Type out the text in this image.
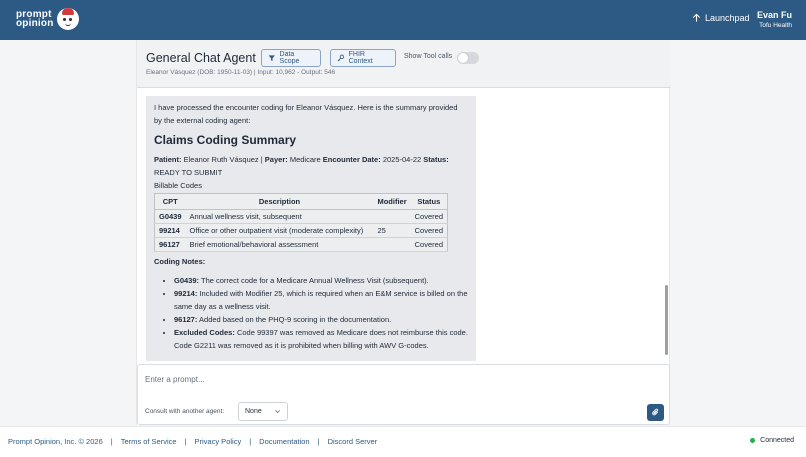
prompt
opinion	Launchpad Evan Fu
Tofu Health
General Chat Agent	Data Scope
FHIR Context
Show Tool calls
Eleanor Vásquez (DOB: 1950-11-03) | Input: 10,962 - Output: 546
I have processed the encounter coding for Eleanor Vásquez. Here is the summary provided by the external coding agent:
Claims Coding Summary
Patient: Eleanor Ruth Vásquez | Payer: Medicare Encounter Date: 2025-04-22 Status: READY TO SUBMIT
Billable Codes
CPT	Description	Modifier	Status
G0439	Annual wellness visit, subsequent		Covered
99214	Office or other outpatient visit (moderate complexity)	25	Covered
96127	Brief emotional/behavioral assessment		Covered
Coding Notes:
• G0439: The correct code for a Medicare Annual Wellness Visit (subsequent).
• 99214: Included with Modifier 25, which is required when an E&M service is billed on the same day as a wellness visit.
• 96127: Added based on the PHQ-9 scoring in the documentation.
• Excluded Codes: Code 99397 was removed as Medicare does not reimburse this code. Code G2211 was removed as it is prohibited when billing with AWV G-codes.
Enter a prompt...
Consult with another agent:	None
Prompt Opinion, Inc. © 2026 | Terms of Service | Privacy Policy | Documentation | Discord Server	Connected
